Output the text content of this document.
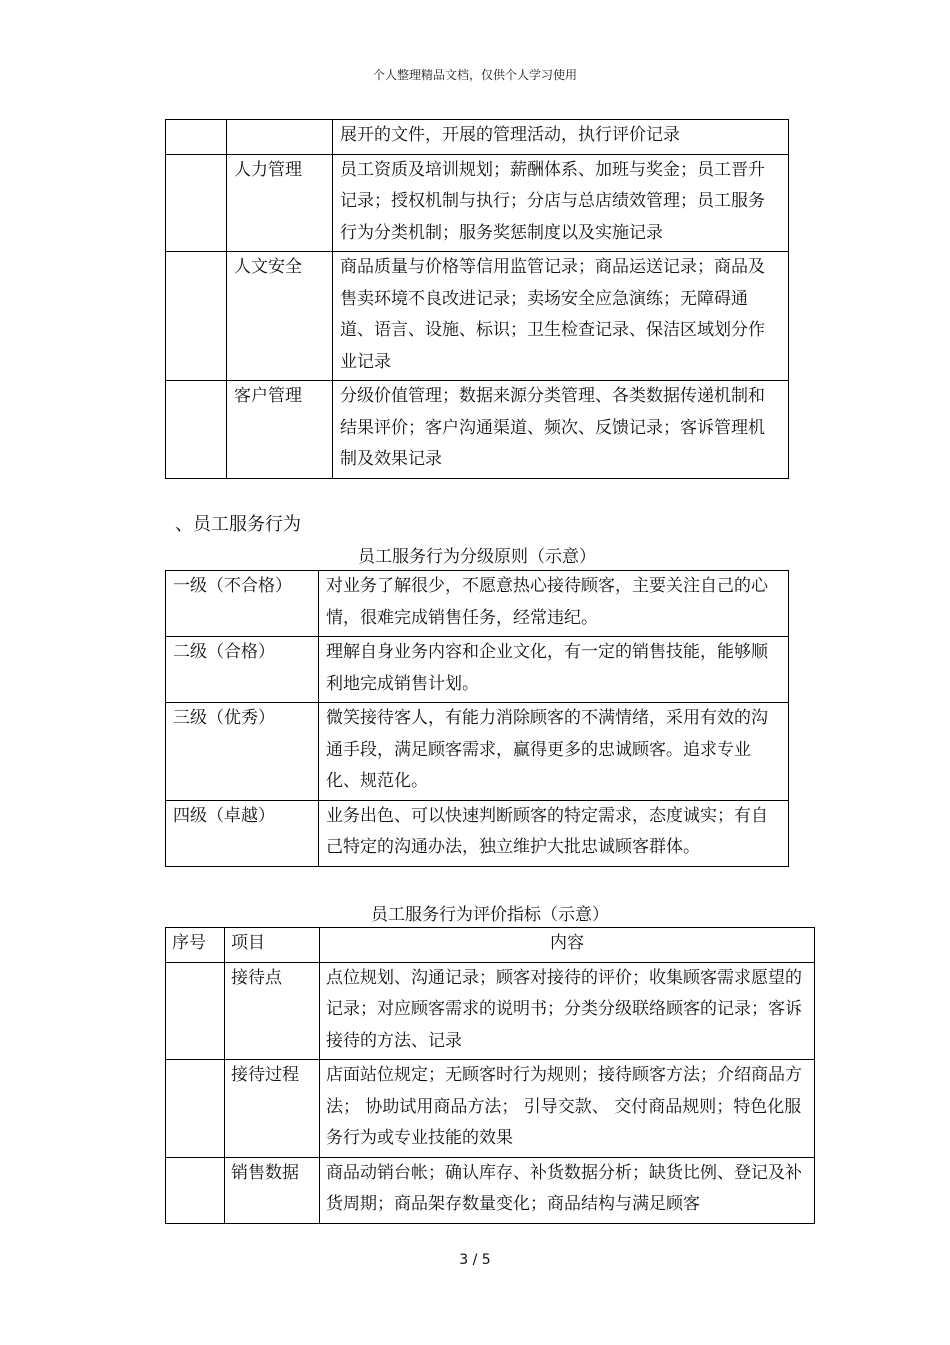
个人整理精品文档，仅供个人学习使用
		展开的文件，开展的管理活动，执行评价记录
	人力管理	员工资质及培训规划；薪酬体系、加班与奖金；员工晋升记录；授权机制与执行；分店与总店绩效管理；员工服务行为分类机制；服务奖惩制度以及实施记录
	人文安全	商品质量与价格等信用监管记录；商品运送记录；商品及售卖环境不良改进记录；卖场安全应急演练；无障碍通道、语言、设施、标识；卫生检查记录、保洁区域划分作业记录
	客户管理	分级价值管理；数据来源分类管理、各类数据传递机制和结果评价；客户沟通渠道、频次、反馈记录；客诉管理机制及效果记录
、员工服务行为
员工服务行为分级原则（示意）
一级（不合格）	对业务了解很少，不愿意热心接待顾客，主要关注自己的心情，很难完成销售任务，经常违纪。
二级（合格）	理解自身业务内容和企业文化，有一定的销售技能，能够顺利地完成销售计划。
三级（优秀）	微笑接待客人，有能力消除顾客的不满情绪，采用有效的沟通手段，满足顾客需求，赢得更多的忠诚顾客。追求专业化、规范化。
四级（卓越）	业务出色、可以快速判断顾客的特定需求，态度诚实；有自己特定的沟通办法，独立维护大批忠诚顾客群体。
员工服务行为评价指标（示意）
序号	项目	内容
	接待点	点位规划、沟通记录；顾客对接待的评价；收集顾客需求愿望的记录；对应顾客需求的说明书；分类分级联络顾客的记录；客诉接待的方法、记录
	接待过程	店面站位规定；无顾客时行为规则；接待顾客方法；介绍商品方法； 协助试用商品方法； 引导交款、 交付商品规则；特色化服务行为或专业技能的效果
	销售数据	商品动销台帐；确认库存、补货数据分析；缺货比例、登记及补货周期；商品架存数量变化；商品结构与满足顾客
3 / 5
